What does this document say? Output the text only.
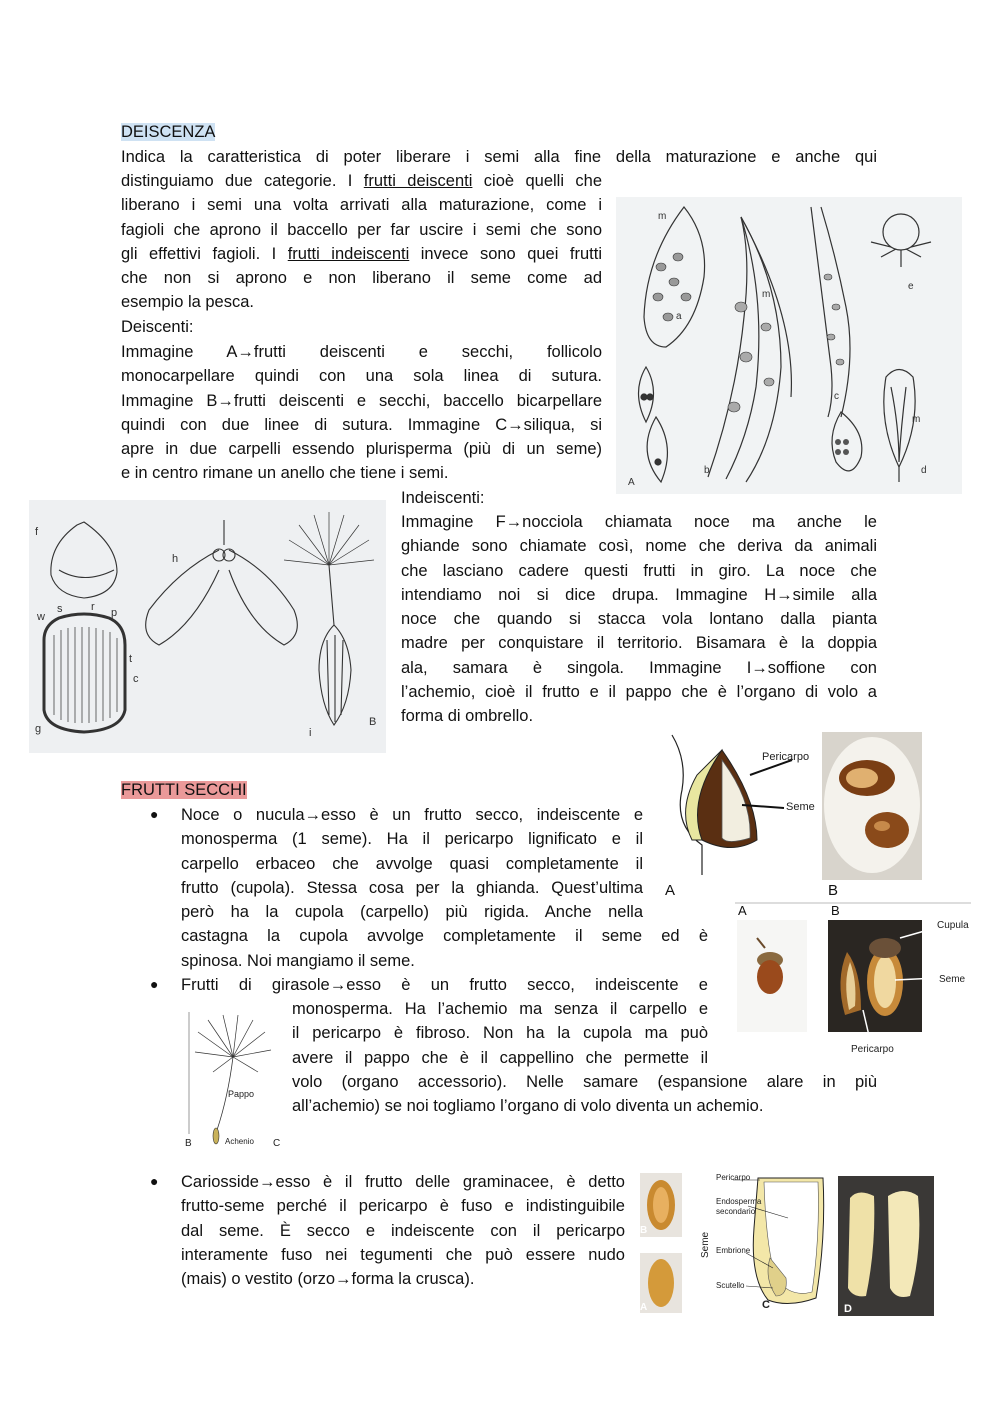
DEISCENZA
Indica la caratteristica di poter liberare i semi alla fine della maturazione e anche qui
distinguiamo due categorie. I frutti deiscenti cioè quelli che
liberano i semi una volta arrivati alla maturazione, come i
fagioli che aprono il baccello per far uscire i semi che sono
gli effettivi fagioli. I frutti indeiscenti invece sono quei frutti
che non si aprono e non liberano il seme come ad
esempio la pesca.
Deiscenti:
Immagine A→frutti deiscenti e secchi, follicolo
monocarpellare quindi con una sola linea di sutura.
Immagine B→frutti deiscenti e secchi, baccello bicarpellare
quindi con due linee di sutura. Immagine C→siliqua, si
apre in due carpelli essendo plurisperma (più di un seme)
e in centro rimane un anello che tiene i semi.
Indeiscenti:
Immagine F→nocciola chiamata noce ma anche le
ghiande sono chiamate così, nome che deriva da animali
che lasciano cadere questi frutti in giro. La noce che
intendiamo noi si dice drupa. Immagine H→simile alla
noce che quando si stacca vola lontano dalla pianta
madre per conquistare il territorio. Bisamara è la doppia
ala, samara è singola. Immagine I→soffione con
l’achemio, cioè il frutto e il pappo che è l’organo di volo a
forma di ombrello.
m
a
b
m
c
e
m
d
A
f
h
w
s	r p
t
c
g	i
B
FRUTTI SECCHI
● Noce o nucula→esso è un frutto secco, indeiscente e
monosperma (1 seme). Ha il pericarpo lignificato e il
carpello erbaceo che avvolge quasi completamente il
frutto (cupola). Stessa cosa per la ghianda. Quest’ultima
però ha la cupola (carpello) più rigida. Anche nella
castagna la cupola avvolge completamente il seme ed è
spinosa. Noi mangiamo il seme.
● Frutti di girasole→esso è un frutto secco, indeiscente e
monosperma. Ha l’achemio ma senza il carpello e
il pericarpo è fibroso. Non ha la cupola ma può
avere il pappo che è il cappellino che permette il
volo (organo accessorio). Nelle samare (espansione alare in più
all’achemio) se noi togliamo l’organo di volo diventa un achemio.
● Cariosside→esso è il frutto delle graminacee, è detto
frutto-seme perché il pericarpo è fuso e indistinguibile
dal seme. È secco e indeiscente con il pericarpo
interamente fuso nei tegumenti che può essere nudo
(mais) o vestito (orzo→forma la crusca).
Pericarpo
Seme
A	B
A	B
Cupula
Seme
Pericarpo
Pappo
Achenio
B	C
B
A
Pericarpo
Endosperma
secondario
Embrione
Scutello
Seme
C	D
